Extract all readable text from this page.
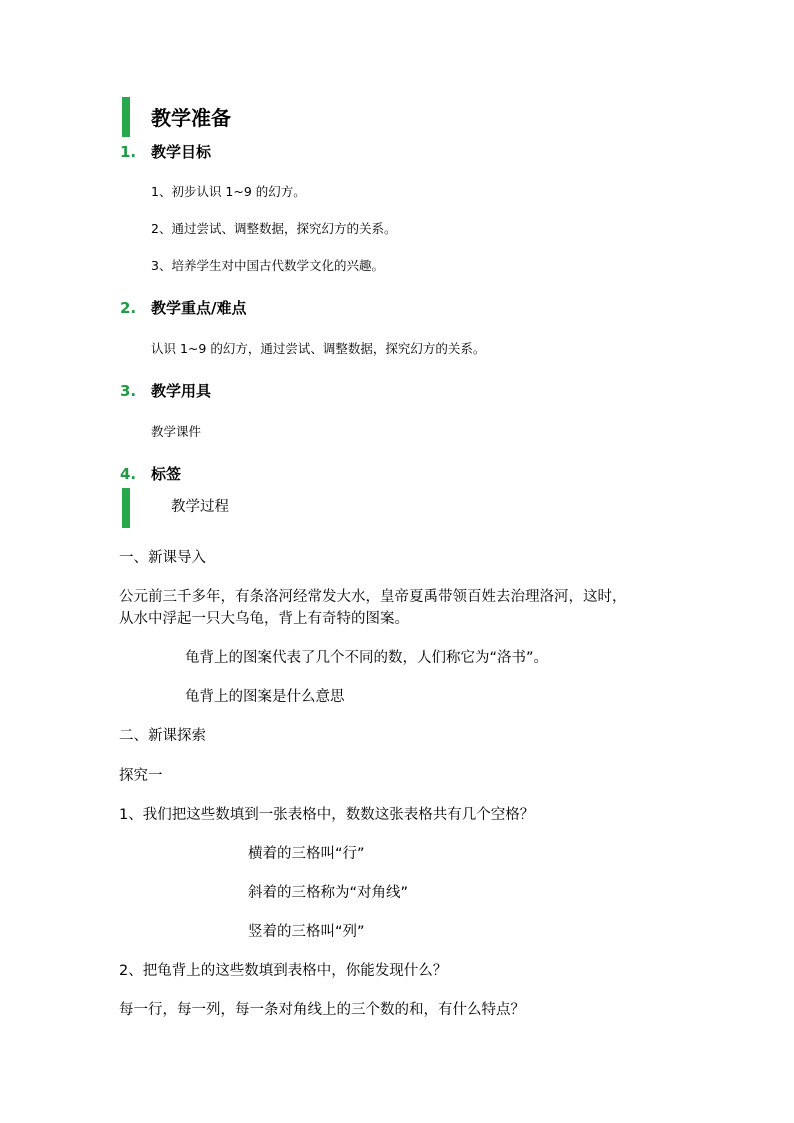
教学准备
1. 教学目标
1、初步认识 1~9 的幻方。
2、通过尝试、调整数据，探究幻方的关系。
3、培养学生对中国古代数学文化的兴趣。
2. 教学重点/难点
认识 1~9 的幻方，通过尝试、调整数据，探究幻方的关系。
3. 教学用具
教学课件
4. 标签
教学过程
一、新课导入
公元前三千多年，有条洛河经常发大水，皇帝夏禹带领百姓去治理洛河，这时，
从水中浮起一只大乌龟，背上有奇特的图案。
龟背上的图案代表了几个不同的数，人们称它为“洛书”。
龟背上的图案是什么意思
二、新课探索
探究一
1、我们把这些数填到一张表格中，数数这张表格共有几个空格？
横着的三格叫“行”
斜着的三格称为“对角线”
竖着的三格叫“列”
2、把龟背上的这些数填到表格中，你能发现什么？
每一行，每一列，每一条对角线上的三个数的和，有什么特点？
